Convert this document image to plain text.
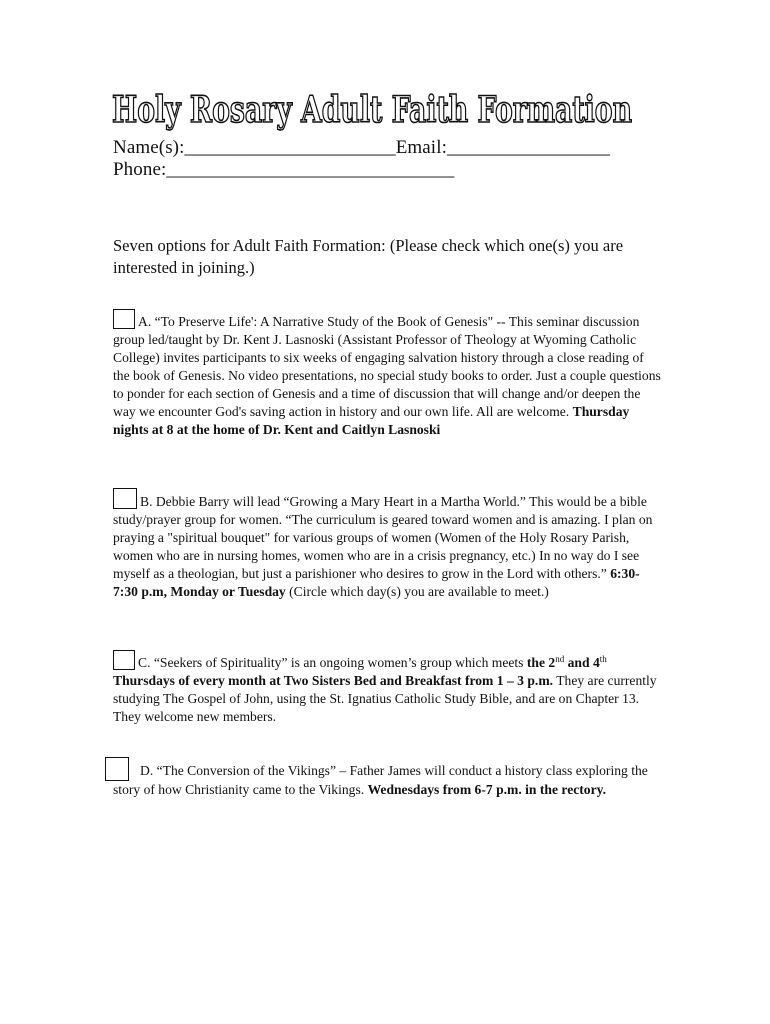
Holy Rosary Adult Faith Formation
Name(s):______________________Email:_________________
Phone:______________________________
Seven options for Adult Faith Formation: (Please check which one(s) you are interested in joining.)
A. “To Preserve Life': A Narrative Study of the Book of Genesis" -- This seminar discussion group led/taught by Dr. Kent J. Lasnoski (Assistant Professor of Theology at Wyoming Catholic College) invites participants to six weeks of engaging salvation history through a close reading of the book of Genesis. No video presentations, no special study books to order. Just a couple questions to ponder for each section of Genesis and a time of discussion that will change and/or deepen the way we encounter God's saving action in history and our own life. All are welcome. Thursday nights at 8 at the home of Dr. Kent and Caitlyn Lasnoski
B. Debbie Barry will lead “Growing a Mary Heart in a Martha World.” This would be a bible study/prayer group for women. “The curriculum is geared toward women and is amazing. I plan on praying a "spiritual bouquet" for various groups of women (Women of the Holy Rosary Parish, women who are in nursing homes, women who are in a crisis pregnancy, etc.) In no way do I see myself as a theologian, but just a parishioner who desires to grow in the Lord with others.” 6:30-7:30 p.m, Monday or Tuesday (Circle which day(s) you are available to meet.)
C. “Seekers of Spirituality” is an ongoing women’s group which meets the 2nd and 4th Thursdays of every month at Two Sisters Bed and Breakfast from 1 – 3 p.m. They are currently studying The Gospel of John, using the St. Ignatius Catholic Study Bible, and are on Chapter 13. They welcome new members.
D. “The Conversion of the Vikings” – Father James will conduct a history class exploring the story of how Christianity came to the Vikings. Wednesdays from 6-7 p.m. in the rectory.
